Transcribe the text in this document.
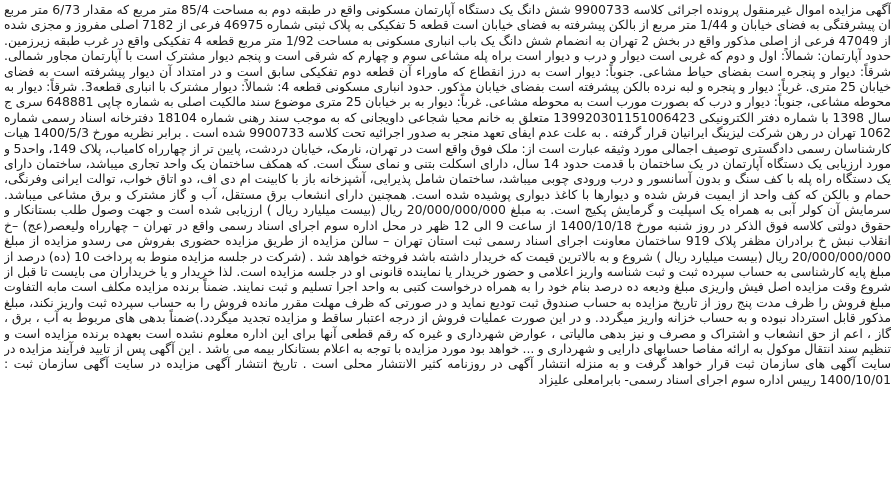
آگهی مزایده اموال غیرمنقول پرونده اجرائی کلاسه 9900733 شش دانگ یک دستگاه آپارتمان مسکونی واقع در طبقه دوم به مساحت 85/4 متر مربع که مقدار 6/73 متر مربع ان پیشرفتگی به فضای خیابان و 1/44 متر مربع از بالکن پیشرفته به فضای خیابان است قطعه 5 تفکیکی به پلاک ثبتی شماره 46975 فرعی از 7182 اصلی مفروز و مجزی شده از 47049 فرعی از اصلی مذکور واقع در بخش 2 تهران به انضمام شش دانگ یک باب انباری مسکونی به مساحت 1/92 متر مربع قطعه 4 تفکیکی واقع در غرب طبقه زیرزمین. حدود آپارتمان: شمالاً: اول و دوم که غربی است دیوار و درب و دیوار است براه پله مشاعی سوم و چهارم که شرقی است و پنجم دیوار مشترک است با آپارتمان مجاور شمالی. شرقاً: دیوار و پنجره است بفضای حیاط مشاعی. جنوباً: دیوار است به درز انقطاع که ماوراء آن قطعه دوم تفکیکی سابق است و در امتداد آن دیوار پیشرفته است به فضای خیابان 25 متری. غرباً: دیوار و پنجره و لبه نرده بالکن پیشرفته است بفضای خیابان مذکور. حدود انباری مسکونی قطعه 4: شمالاً: دیوار مشترک با انباری قطعه3. شرقاً: دیوار به محوطه مشاعی، جنوباً: دیوار و درب که بصورت مورب است به محوطه مشاعی. غرباً: دیوار به بر خیابان 25 متری موضوع سند مالکیت اصلی به شماره چاپی 648881 سری ج سال 1398 با شماره دفتر الکترونیکی 139920301151006423 متعلق به خانم محیا شجاعی داویجانی که به موجب سند رهنی شماره 18104 دفترخانه اسناد رسمی شماره 1062 تهران در رهن شرکت لیزینگ ایرانیان قرار گرفته . به علت عدم ایفای تعهد منجر به صدور اجرائیه تحت کلاسه 9900733 شده است . برابر نظریه مورخ 1400/5/3 هیات کارشناسان رسمی دادگستری توصیف اجمالی مورد وثیقه عبارت است از: ملک فوق واقع است در تهران، نارمک، خیابان دردشت، پایین تر از چهارراه کامیاب، پلاک 149، واحد5 و مورد ارزیابی یک دستگاه آپارتمان در یک ساختمان با قدمت حدود 14 سال، دارای اسکلت بتنی و نمای سنگ است. که همکف ساختمان یک واحد تجاری میباشد، ساختمان دارای یک دستگاه راه پله با کف سنگ و بدون آسانسور و درب ورودی چوبی میباشد، ساختمان شامل پذیرایی، آشپزخانه باز با کابینت ام دی اف، دو اتاق خواب، توالت ایرانی وفرنگی، حمام و بالکن که کف واحد از ایمیت فرش شده و دیوارها با کاغذ دیواری پوشیده شده است. همچنین دارای انشعاب برق مستقل، آب و گاز مشترک و برق مشاعی میباشد. سرمایش آن کولر آبی به همراه یک اسپلیت و گرمایش پکیج است. به مبلغ 20/000/000/000 ریال (بیست میلیارد ریال ) ارزیابی شده است و جهت وصول طلب بستانکار و حقوق دولتی کلاسه فوق الذکر در روز شنبه مورخ 1400/10/18 از ساعت 9 الی 12 ظهر در محل اداره سوم اجرای اسناد رسمی واقع در تهران – چهارراه ولیعصر(عج) –خ انقلاب نبش خ برادران مظفر پلاک 919 ساختمان معاونت اجرای اسناد رسمی ثبت استان تهران – سالن مزایده از طریق مزایده حضوری بفروش می رسدو مزایده از مبلغ 20/000/000/000 ریال (بیست میلیارد ریال ) شروع و به بالاترین قیمت که خریدار داشته باشد فروخته خواهد شد . (شرکت در جلسه مزایده منوط به پرداخت 10 (ده) درصد از مبلغ پایه کارشناسی به حساب سپرده ثبت و ثبت شناسه واریز اعلامی و حضور خریدار یا نماینده قانونی او در جلسه مزایده است. لذا خریدار و یا خریداران می بایست تا قبل از شروع وقت مزایده اصل فیش واریزی مبلغ ودیعه ده درصد بنام خود را به همراه درخواست کتبی به واحد اجرا تسلیم و ثبت نمایند. ضمناً برنده مزایده مکلف است مابه التفاوت مبلغ فروش را ظرف مدت پنج روز از تاریخ مزایده به حساب صندوق ثبت تودیع نماید و در صورتی که ظرف مهلت مقرر مانده فروش را به حساب سپرده ثبت واریز نکند، مبلغ مذکور قابل استرداد نبوده و به حساب خزانه واریز میگردد. و در این صورت عملیات فروش از درجه اعتبار ساقط و مزایده تجدید میگردد.)ضمناً بدهی های مربوط به آب ، برق ، گاز ، اعم از حق انشعاب و اشتراک و مصرف و نیز بدهی مالیاتی ، عوارض شهرداری و غیره که رقم قطعی آنها برای این اداره معلوم نشده است بعهده برنده مزایده است و تنظیم سند انتقال موکول به ارائه مفاصا حسابهای دارایی و شهرداری و ... خواهد بود مورد مزایده با توجه به اعلام بستانکار بیمه می باشد . این آگهی پس از تایید فرآیند مزایده در سایت آگهی های سازمان ثبت قرار خواهد گرفت و به منزله انتشار آگهی در روزنامه کثیر الانتشار محلی است . تاریخ انتشار آگهی مزایده در سایت آگهی سازمان ثبت : 1400/10/01 رییس اداره سوم اجرای اسناد رسمی- بابرامعلی علیزاد
